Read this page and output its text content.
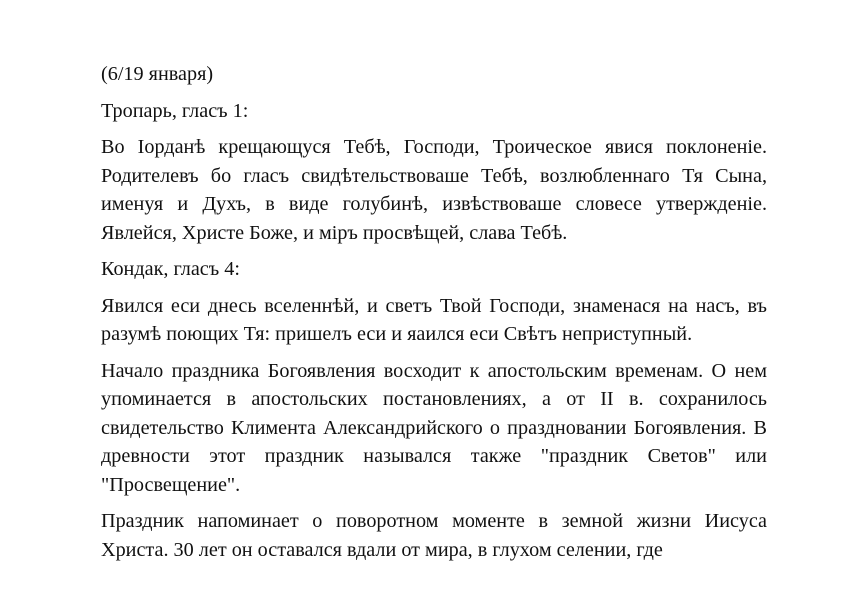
(6/19 января)

Тропарь, гласъ 1:

Во Іорданѣ крещающуся Тебѣ, Господи, Троическое явися поклоненіе. Родителевъ бо гласъ свидѣтельствоваше Тебѣ, возлюбленнаго Тя Сына, именуя и Духъ, в виде голубинѣ, извѣствоваше словесе утвержденіе. Явлейся, Христе Боже, и міръ просвѣщей, слава Тебѣ.

Кондак, гласъ 4:

Явился еси днесь вселеннѣй, и светъ Твой Господи, знаменася на насъ, въ разумѣ поющих Тя: пришелъ еси и яаился еси Свѣтъ неприступный.

Начало праздника Богоявления восходит к апостольским временам. О нем упоминается в апостольских постановлениях, а от II в. сохранилось свидетельство Климента Александрийского о праздновании Богоявления. В древности этот праздник назывался также "праздник Светов" или "Просвещение".

Праздник напоминает о поворотном моменте в земной жизни Иисуса Христа. 30 лет он оставался вдали от мира, в глухом селении, где
